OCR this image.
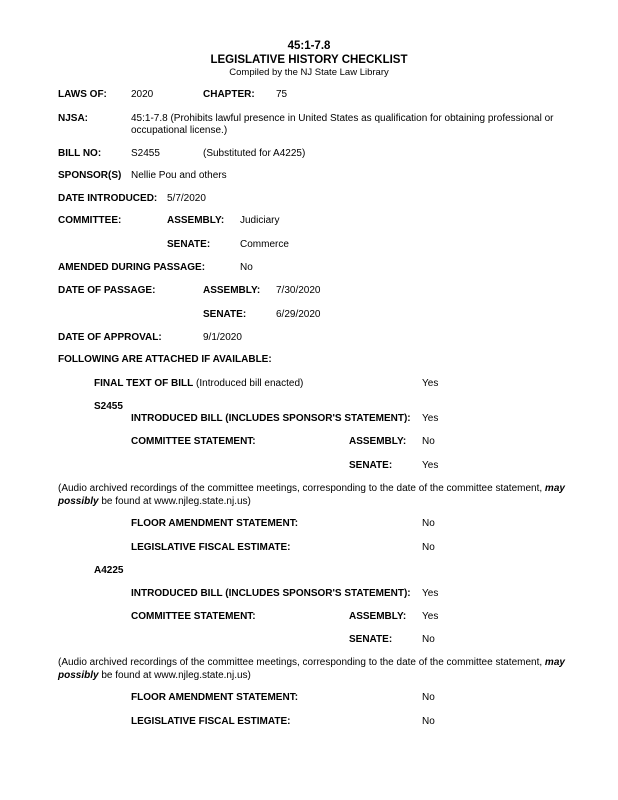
45:1-7.8
LEGISLATIVE HISTORY CHECKLIST
Compiled by the NJ State Law Library
LAWS OF: 2020	CHAPTER: 75
NJSA:	45:1-7.8 (Prohibits lawful presence in United States as qualification for obtaining professional or
occupational license.)
BILL NO:	S2455	(Substituted for A4225)
SPONSOR(S) Nellie Pou and others
DATE INTRODUCED: 5/7/2020
COMMITTEE:	ASSEMBLY: Judiciary
SENATE:	Commerce
AMENDED DURING PASSAGE:	No
DATE OF PASSAGE:	ASSEMBLY: 7/30/2020
SENATE:	6/29/2020
DATE OF APPROVAL:	9/1/2020
FOLLOWING ARE ATTACHED IF AVAILABLE:
FINAL TEXT OF BILL (Introduced bill enacted)	Yes
S2455
INTRODUCED BILL (INCLUDES SPONSOR'S STATEMENT): Yes
COMMITTEE STATEMENT:	ASSEMBLY: No
SENATE:	Yes
(Audio archived recordings of the committee meetings, corresponding to the date of the committee statement, may possibly be found at www.njleg.state.nj.us)
FLOOR AMENDMENT STATEMENT:	No
LEGISLATIVE FISCAL ESTIMATE:	No
A4225
INTRODUCED BILL (INCLUDES SPONSOR'S STATEMENT): Yes
COMMITTEE STATEMENT:	ASSEMBLY: Yes
SENATE:	No
(Audio archived recordings of the committee meetings, corresponding to the date of the committee statement, may possibly be found at www.njleg.state.nj.us)
FLOOR AMENDMENT STATEMENT:	No
LEGISLATIVE FISCAL ESTIMATE:	No
